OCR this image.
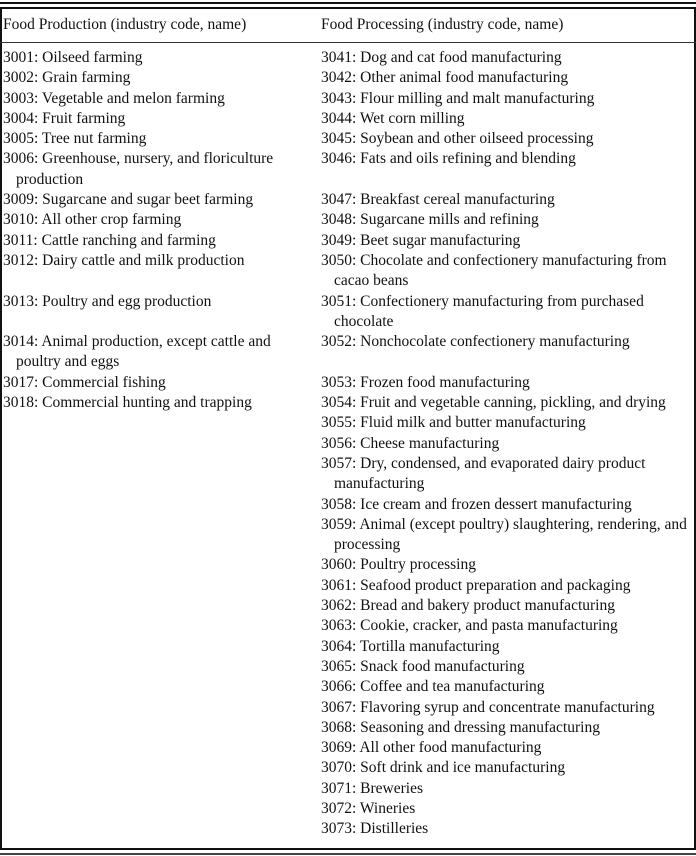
Food Production (industry code, name)	Food Processing (industry code, name)
3001: Oilseed farming
3002: Grain farming
3003: Vegetable and melon farming
3004: Fruit farming
3005: Tree nut farming
3006: Greenhouse, nursery, and floriculture production
3009: Sugarcane and sugar beet farming
3010: All other crop farming
3011: Cattle ranching and farming
3012: Dairy cattle and milk production
3013: Poultry and egg production
3014: Animal production, except cattle and poultry and eggs
3017: Commercial fishing
3018: Commercial hunting and trapping
3041: Dog and cat food manufacturing
3042: Other animal food manufacturing
3043: Flour milling and malt manufacturing
3044: Wet corn milling
3045: Soybean and other oilseed processing
3046: Fats and oils refining and blending
3047: Breakfast cereal manufacturing
3048: Sugarcane mills and refining
3049: Beet sugar manufacturing
3050: Chocolate and confectionery manufacturing from cacao beans
3051: Confectionery manufacturing from purchased chocolate
3052: Nonchocolate confectionery manufacturing
3053: Frozen food manufacturing
3054: Fruit and vegetable canning, pickling, and drying
3055: Fluid milk and butter manufacturing
3056: Cheese manufacturing
3057: Dry, condensed, and evaporated dairy product manufacturing
3058: Ice cream and frozen dessert manufacturing
3059: Animal (except poultry) slaughtering, rendering, and processing
3060: Poultry processing
3061: Seafood product preparation and packaging
3062: Bread and bakery product manufacturing
3063: Cookie, cracker, and pasta manufacturing
3064: Tortilla manufacturing
3065: Snack food manufacturing
3066: Coffee and tea manufacturing
3067: Flavoring syrup and concentrate manufacturing
3068: Seasoning and dressing manufacturing
3069: All other food manufacturing
3070: Soft drink and ice manufacturing
3071: Breweries
3072: Wineries
3073: Distilleries
